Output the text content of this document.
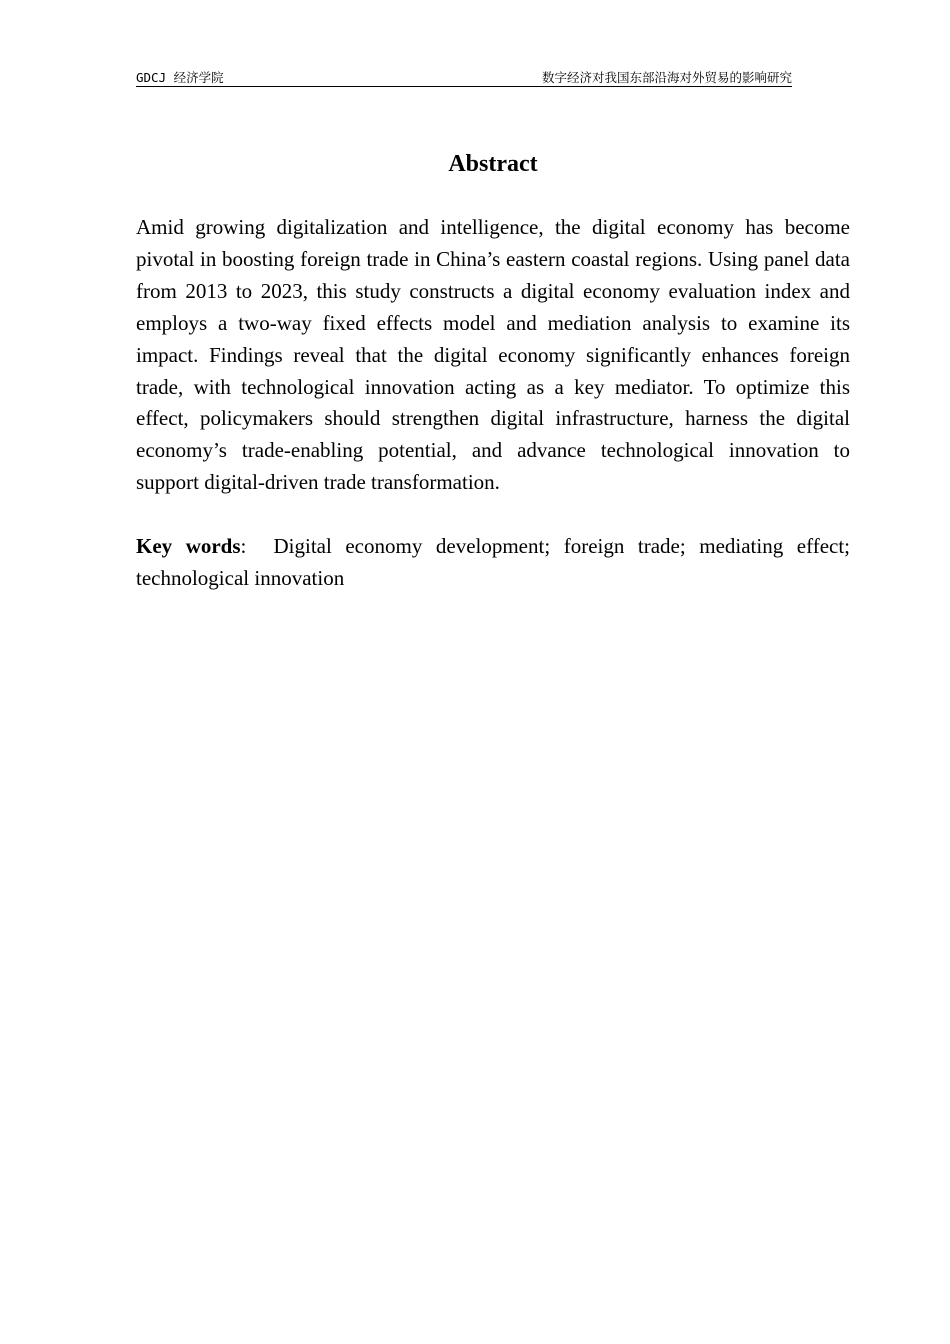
GDCJ 经济学院	数字经济对我国东部沿海对外贸易的影响研究
Abstract

Amid growing digitalization and intelligence, the digital economy has become pivotal in boosting foreign trade in China’s eastern coastal regions. Using panel data from 2013 to 2023, this study constructs a digital economy evaluation index and employs a two-way fixed effects model and mediation analysis to examine its impact. Findings reveal that the digital economy significantly enhances foreign trade, with technological innovation acting as a key mediator. To optimize this effect, policymakers should strengthen digital infrastructure, harness the digital economy’s trade-enabling potential, and advance technological innovation to support digital-driven trade transformation.

Key words: Digital economy development; foreign trade; mediating effect; technological innovation
